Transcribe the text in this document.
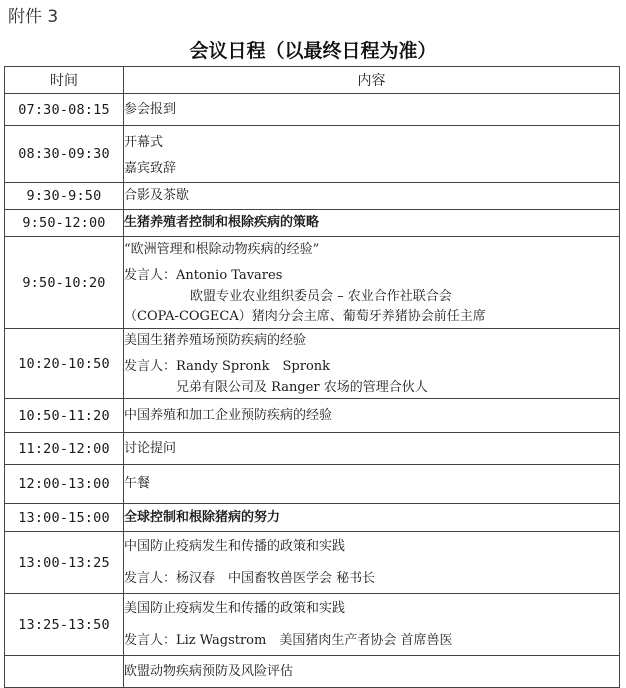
附件 3
会议日程（以最终日程为准）
时间	内容
07:30-08:15	参会报到

08:30-09:30	开幕式
嘉宾致辞

9:30-9:50	合影及茶歇

9:50-12:00	生猪养殖者控制和根除疾病的策略

9:50-10:20	“欧洲管理和根除动物疾病的经验”
发言人：Antonio Tavares
欧盟专业农业组织委员会 – 农业合作社联合会
（COPA-COGECA）猪肉分会主席、葡萄牙养猪协会前任主席

10:20-10:50	美国生猪养殖场预防疾病的经验
发言人：Randy Spronk　Spronk
兄弟有限公司及 Ranger 农场的管理合伙人

10:50-11:20	中国养殖和加工企业预防疾病的经验

11:20-12:00	讨论提问

12:00-13:00	午餐

13:00-15:00	全球控制和根除猪病的努力

13:00-13:25	中国防止疫病发生和传播的政策和实践
发言人：杨汉春　中国畜牧兽医学会 秘书长

13:25-13:50	美国防止疫病发生和传播的政策和实践
发言人：Liz Wagstrom　美国猪肉生产者协会 首席兽医

	欧盟动物疾病预防及风险评估
